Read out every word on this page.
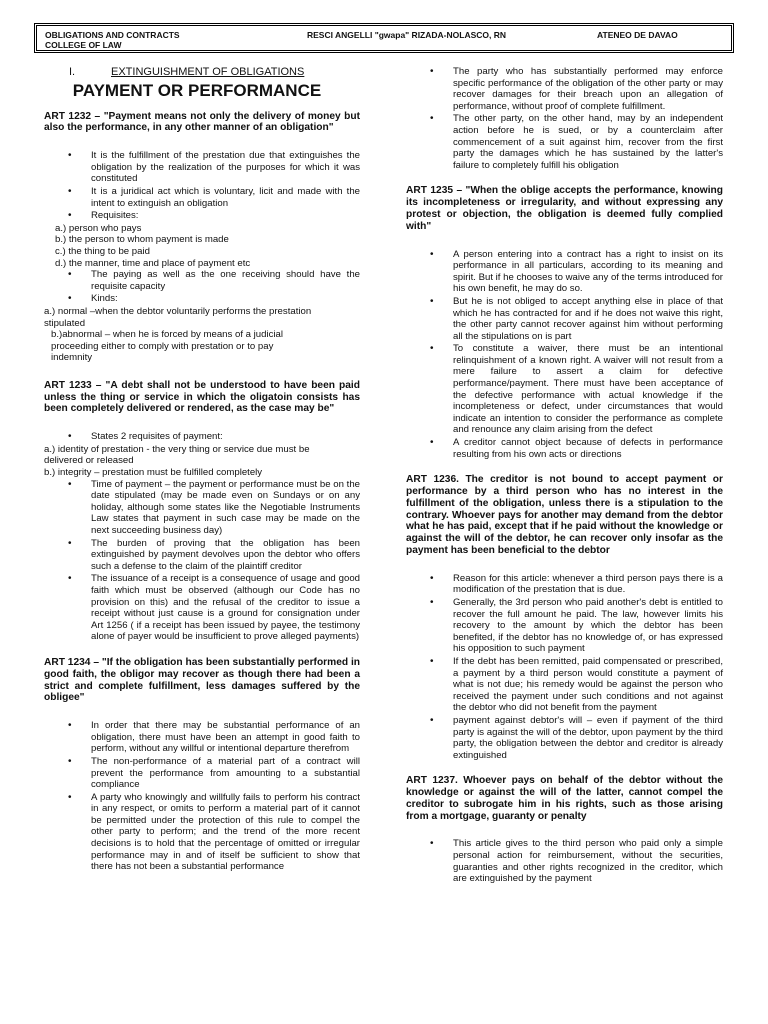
OBLIGATIONS AND CONTRACTS
COLLEGE OF LAW
RESCI ANGELLI "gwapa" RIZADA-NOLASCO, RN	ATENEO DE DAVAO
I.	EXTINGUISHMENT OF OBLIGATIONS
PAYMENT OR PERFORMANCE
ART 1232 – "Payment means not only the delivery of money but also the performance, in any other manner of an obligation"
• It is the fulfillment of the prestation due that extinguishes the obligation by the realization of the purposes for which it was constituted
• It is a juridical act which is voluntary, licit and made with the intent to extinguish an obligation
• Requisites:
a.) person who pays
b.) the person to whom payment is made
c.) the thing to be paid
d.) the manner, time and place of payment etc
• The paying as well as the one receiving should have the requisite capacity
• Kinds:
a.) normal –when the debtor voluntarily performs the prestation stipulated
b.)abnormal – when he is forced by means of a judicial proceeding either to comply with prestation or to pay indemnity
ART 1233 – "A debt shall not be understood to have been paid unless the thing or service in which the oligatoin consists has been completely delivered or rendered, as the case may be"
• States 2 requisites of payment:
a.) identity of prestation - the very thing or service due must be delivered or released
b.) integrity – prestation must be fulfilled completely
• Time of payment – the payment or performance must be on the date stipulated (may be made even on Sundays or on any holiday, although some states like the Negotiable Instruments Law states that payment in such case may be made on the next succeeding business day)
• The burden of proving that the obligation has been extinguished by payment devolves upon the debtor who offers such a defense to the claim of the plaintiff creditor
• The issuance of a receipt is a consequence of usage and good faith which must be observed (although our Code has no provision on this) and the refusal of the creditor to issue a receipt without just cause is a ground for consignation under Art 1256 ( if a receipt has been issued by payee, the testimony alone of payer would be insufficient to prove alleged payments)
ART 1234 – "If the obligation has been substantially performed in good faith, the obligor may recover as though there had been a strict and complete fulfillment, less damages suffered by the obligee"
• In order that there may be substantial performance of an obligation, there must have been an attempt in good faith to perform, without any willful or intentional departure therefrom
• The non-performance of a material part of a contract will prevent the performance from amounting to a substantial compliance
• A party who knowingly and willfully fails to perform his contract in any respect, or omits to perform a material part of it cannot be permitted under the protection of this rule to compel the other party to perform; and the trend of the more recent decisions is to hold that the percentage of omitted or irregular performance may in and of itself be sufficient to show that there has not been a substantial performance
• The party who has substantially performed may enforce specific performance of the obligation of the other party or may recover damages for their breach upon an allegation of performance, without proof of complete fulfillment.
• The other party, on the other hand, may by an independent action before he is sued, or by a counterclaim after commencement of a suit against him, recover from the first party the damages which he has sustained by the latter's failure to completely fulfill his obligation
ART 1235 – "When the oblige accepts the performance, knowing its incompleteness or irregularity, and without expressing any protest or objection, the obligation is deemed fully complied with"
• A person entering into a contract has a right to insist on its performance in all particulars, according to its meaning and spirit. But if he chooses to waive any of the terms introduced for his own benefit, he may do so.
• But he is not obliged to accept anything else in place of that which he has contracted for and if he does not waive this right, the other party cannot recover against him without performing all the stipulations on is part
• To constitute a waiver, there must be an intentional relinquishment of a known right. A waiver will not result from a mere failure to assert a claim for defective performance/payment. There must have been acceptance of the defective performance with actual knowledge if the incompleteness or defect, under circumstances that would indicate an intention to consider the performance as complete and renounce any claim arising from the defect
• A creditor cannot object because of defects in performance resulting from his own acts or directions
ART 1236. The creditor is not bound to accept payment or performance by a third person who has no interest in the fulfillment of the obligation, unless there is a stipulation to the contrary. Whoever pays for another may demand from the debtor what he has paid, except that if he paid without the knowledge or against the will of the debtor, he can recover only insofar as the payment has been beneficial to the debtor
• Reason for this article: whenever a third person pays there is a modification of the prestation that is due.
• Generally, the 3rd person who paid another's debt is entitled to recover the full amount he paid. The law, however limits his recovery to the amount by which the debtor has been benefited, if the debtor has no knowledge of, or has expressed his opposition to such payment
• If the debt has been remitted, paid compensated or prescribed, a payment by a third person would constitute a payment of what is not due; his remedy would be against the person who received the payment under such conditions and not against the debtor who did not benefit from the payment
• payment against debtor's will – even if payment of the third party is against the will of the debtor, upon payment by the third party, the obligation between the debtor and creditor is already extinguished
ART 1237. Whoever pays on behalf of the debtor without the knowledge or against the will of the latter, cannot compel the creditor to subrogate him in his rights, such as those arising from a mortgage, guaranty or penalty
• This article gives to the third person who paid only a simple personal action for reimbursement, without the securities, guaranties and other rights recognized in the creditor, which are extinguished by the payment
